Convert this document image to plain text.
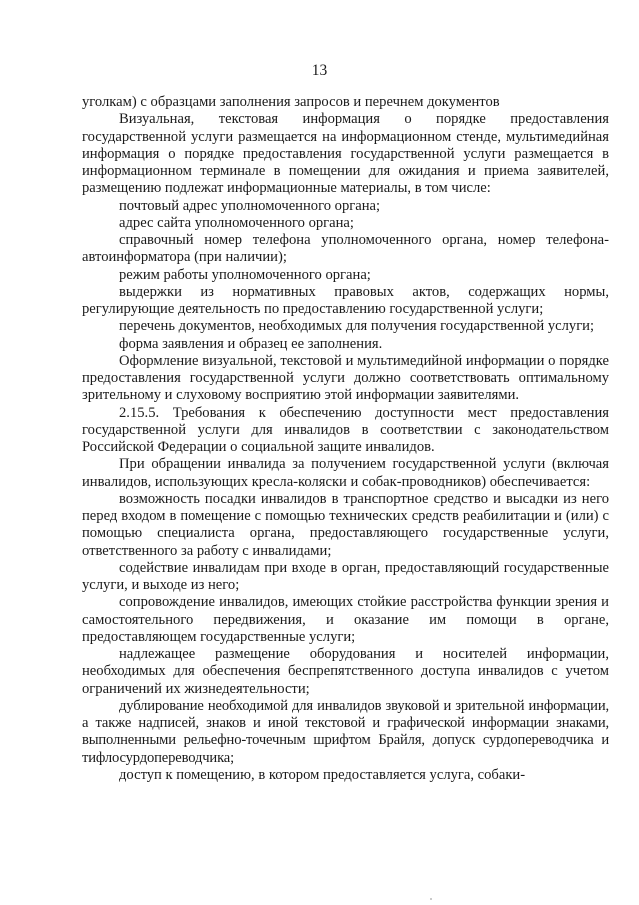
13

уголкам) с образцами заполнения запросов и перечнем документов

Визуальная, текстовая информация о порядке предоставления государственной услуги размещается на информационном стенде, мультимедийная информация о порядке предоставления государственной услуги размещается в информационном терминале в помещении для ожидания и приема заявителей, размещению подлежат информационные материалы, в том числе:

почтовый адрес уполномоченного органа;

адрес сайта уполномоченного органа;

справочный номер телефона уполномоченного органа, номер телефона-автоинформатора (при наличии);

режим работы уполномоченного органа;

выдержки из нормативных правовых актов, содержащих нормы, регулирующие деятельность по предоставлению государственной услуги;

перечень документов, необходимых для получения государственной услуги;

форма заявления и образец ее заполнения.

Оформление визуальной, текстовой и мультимедийной информации о порядке предоставления государственной услуги должно соответствовать оптимальному зрительному и слуховому восприятию этой информации заявителями.

2.15.5. Требования к обеспечению доступности мест предоставления государственной услуги для инвалидов в соответствии с законодательством Российской Федерации о социальной защите инвалидов.

При обращении инвалида за получением государственной услуги (включая инвалидов, использующих кресла-коляски и собак-проводников) обеспечивается:

возможность посадки инвалидов в транспортное средство и высадки из него перед входом в помещение с помощью технических средств реабилитации и (или) с помощью специалиста органа, предоставляющего государственные услуги, ответственного за работу с инвалидами;

содействие инвалидам при входе в орган, предоставляющий государственные услуги, и выходе из него;

сопровождение инвалидов, имеющих стойкие расстройства функции зрения и самостоятельного передвижения, и оказание им помощи в органе, предоставляющем государственные услуги;

надлежащее размещение оборудования и носителей информации, необходимых для обеспечения беспрепятственного доступа инвалидов с учетом ограничений их жизнедеятельности;

дублирование необходимой для инвалидов звуковой и зрительной информации, а также надписей, знаков и иной текстовой и графической информации знаками, выполненными рельефно-точечным шрифтом Брайля, допуск сурдопереводчика и тифлосурдопереводчика;

доступ к помещению, в котором предоставляется услуга, собаки-
